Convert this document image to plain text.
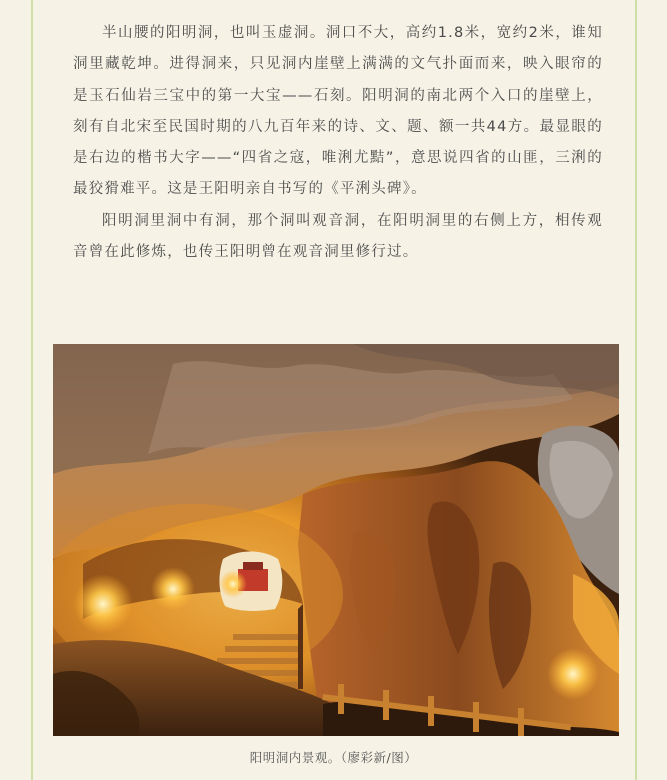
半山腰的阳明洞，也叫玉虚洞。洞口不大，高约1.8米，宽约2米，谁知洞里藏乾坤。进得洞来，只见洞内崖壁上满满的文气扑面而来，映入眼帘的是玉石仙岩三宝中的第一大宝——石刻。阳明洞的南北两个入口的崖壁上，刻有自北宋至民国时期的八九百年来的诗、文、题、额一共44方。最显眼的是右边的楷书大字——“四省之寇，唯浰尤黠”，意思说四省的山匪，三浰的最狡猾难平。这是王阳明亲自书写的《平浰头碑》。

阳明洞里洞中有洞，那个洞叫观音洞，在阳明洞里的右侧上方，相传观音曾在此修炼，也传王阳明曾在观音洞里修行过。

阳明洞内景观。（廖彩新/图）
